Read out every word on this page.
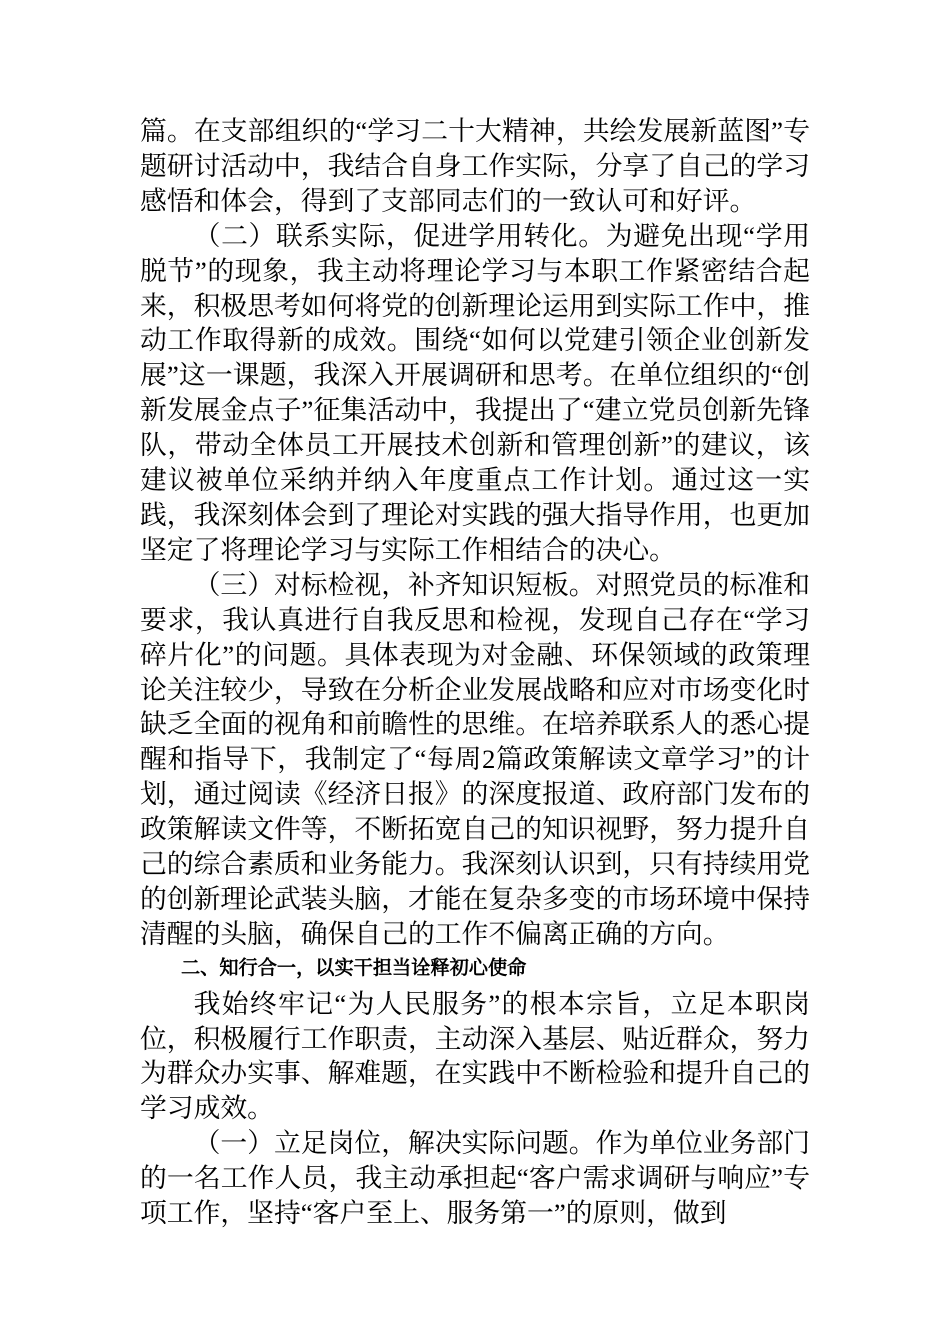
篇。在支部组织的“学习二十大精神，共绘发展新蓝图”专题研讨活动中，我结合自身工作实际，分享了自己的学习感悟和体会，得到了支部同志们的一致认可和好评。

（二）联系实际，促进学用转化。为避免出现“学用脱节”的现象，我主动将理论学习与本职工作紧密结合起来，积极思考如何将党的创新理论运用到实际工作中，推动工作取得新的成效。围绕“如何以党建引领企业创新发展”这一课题，我深入开展调研和思考。在单位组织的“创新发展金点子”征集活动中，我提出了“建立党员创新先锋队，带动全体员工开展技术创新和管理创新”的建议，该建议被单位采纳并纳入年度重点工作计划。通过这一实践，我深刻体会到了理论对实践的强大指导作用，也更加坚定了将理论学习与实际工作相结合的决心。

（三）对标检视，补齐知识短板。对照党员的标准和要求，我认真进行自我反思和检视，发现自己存在“学习碎片化”的问题。具体表现为对金融、环保领域的政策理论关注较少，导致在分析企业发展战略和应对市场变化时缺乏全面的视角和前瞻性的思维。在培养联系人的悉心提醒和指导下，我制定了“每周2篇政策解读文章学习”的计划，通过阅读《经济日报》的深度报道、政府部门发布的政策解读文件等，不断拓宽自己的知识视野，努力提升自己的综合素质和业务能力。我深刻认识到，只有持续用党的创新理论武装头脑，才能在复杂多变的市场环境中保持清醒的头脑，确保自己的工作不偏离正确的方向。

二、知行合一，以实干担当诠释初心使命

我始终牢记“为人民服务”的根本宗旨，立足本职岗位，积极履行工作职责，主动深入基层、贴近群众，努力为群众办实事、解难题，在实践中不断检验和提升自己的学习成效。

（一）立足岗位，解决实际问题。作为单位业务部门的一名工作人员，我主动承担起“客户需求调研与响应”专项工作，坚持“客户至上、服务第一”的原则，做到
